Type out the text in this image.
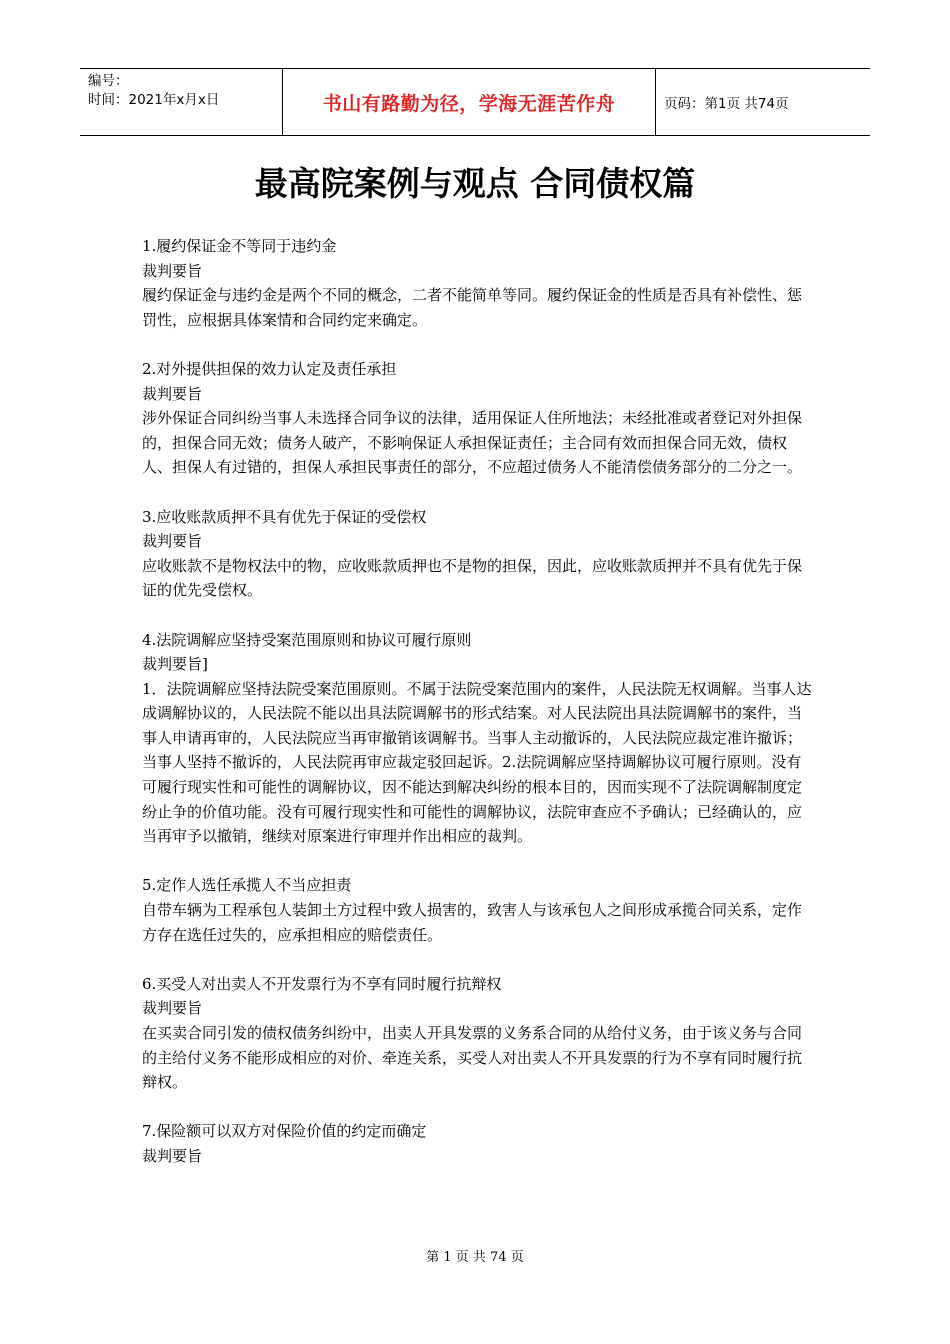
编号：
时间：2021年x月x日	书山有路勤为径，学海无涯苦作舟	页码：第1页 共74页
最高院案例与观点 合同债权篇

1.履约保证金不等同于违约金

裁判要旨

履约保证金与违约金是两个不同的概念，二者不能简单等同。履约保证金的性质是否具有补偿性、惩罚性，应根据具体案情和合同约定来确定。

2.对外提供担保的效力认定及责任承担

裁判要旨

涉外保证合同纠纷当事人未选择合同争议的法律，适用保证人住所地法；未经批准或者登记对外担保的，担保合同无效；债务人破产，不影响保证人承担保证责任；主合同有效而担保合同无效，债权人、担保人有过错的，担保人承担民事责任的部分，不应超过债务人不能清偿债务部分的二分之一。

3.应收账款质押不具有优先于保证的受偿权

裁判要旨

应收账款不是物权法中的物，应收账款质押也不是物的担保，因此，应收账款质押并不具有优先于保证的优先受偿权。

4.法院调解应坚持受案范围原则和协议可履行原则

裁判要旨]

1．法院调解应坚持法院受案范围原则。不属于法院受案范围内的案件，人民法院无权调解。当事人达成调解协议的，人民法院不能以出具法院调解书的形式结案。对人民法院出具法院调解书的案件，当事人申请再审的，人民法院应当再审撤销该调解书。当事人主动撤诉的，人民法院应裁定准许撤诉；当事人坚持不撤诉的，人民法院再审应裁定驳回起诉。2.法院调解应坚持调解协议可履行原则。没有可履行现实性和可能性的调解协议，因不能达到解决纠纷的根本目的，因而实现不了法院调解制度定纷止争的价值功能。没有可履行现实性和可能性的调解协议，法院审查应不予确认；已经确认的，应当再审予以撤销，继续对原案进行审理并作出相应的裁判。

5.定作人选任承揽人不当应担责

自带车辆为工程承包人装卸土方过程中致人损害的，致害人与该承包人之间形成承揽合同关系，定作方存在选任过失的，应承担相应的赔偿责任。

6.买受人对出卖人不开发票行为不享有同时履行抗辩权

裁判要旨

在买卖合同引发的债权债务纠纷中，出卖人开具发票的义务系合同的从给付义务，由于该义务与合同的主给付义务不能形成相应的对价、牵连关系，买受人对出卖人不开具发票的行为不享有同时履行抗辩权。

7.保险额可以双方对保险价值的约定而确定

裁判要旨

第 1 页 共 74 页
